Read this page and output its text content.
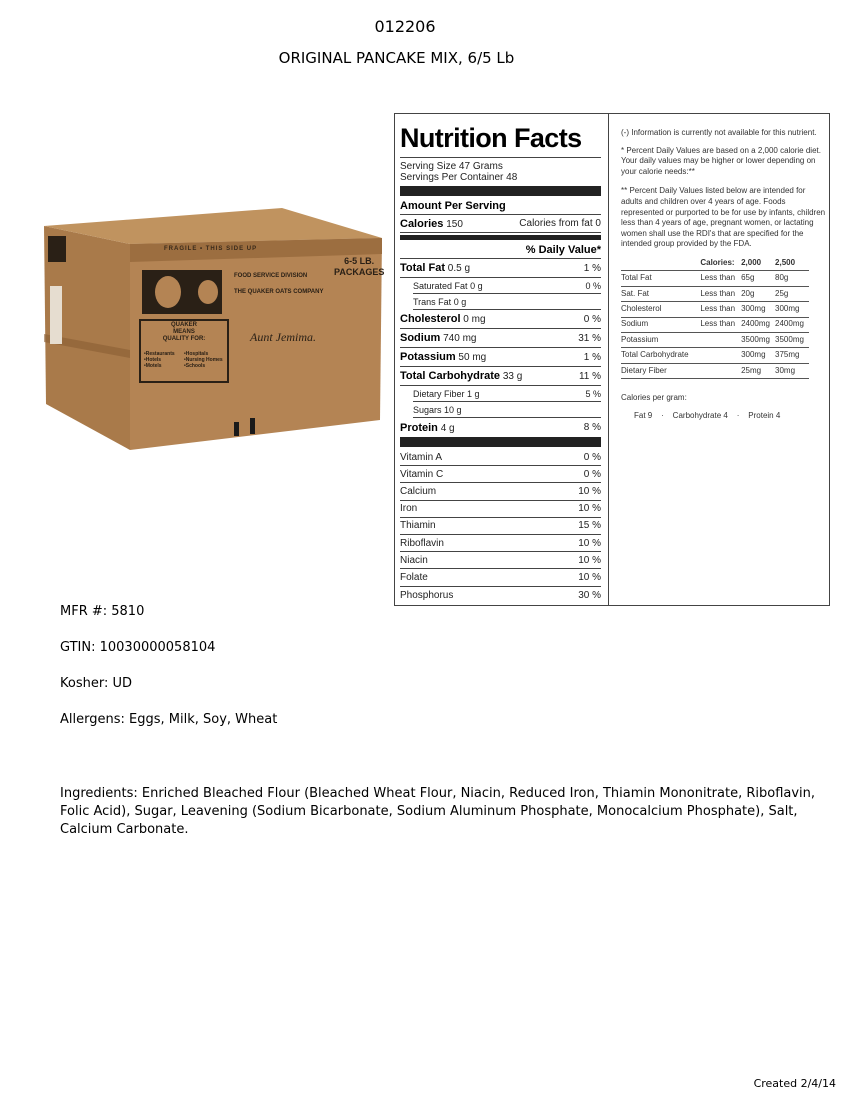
012206
ORIGINAL PANCAKE MIX, 6/5 Lb

FOOD SERVICE DIVISION

THE QUAKER OATS COMPANY

6-5 LB.
PACKAGES
Aunt Jemima.
QUAKER
MEANS
QUALITY FOR:
•Restaurants
•Hotels
•Motels
•Hospitals
•Nursing Homes
•Schools
FRAGILE • THIS SIDE UP
Nutrition Facts
Serving Size 47 Grams
Servings Per Container 48
Amount Per Serving
Calories 150	Calories from fat 0
% Daily Value*
Total Fat 0.5 g	1 %
Saturated Fat 0 g	0 %
Trans Fat 0 g
Cholesterol 0 mg	0 %
Sodium 740 mg	31 %
Potassium 50 mg	1 %
Total Carbohydrate 33 g	11 %
Dietary Fiber 1 g	5 %
Sugars 10 g
Protein 4 g	8 %
Vitamin A	0 %
Vitamin C	0 %
Calcium	10 %
Iron	10 %
Thiamin	15 %
Riboflavin	10 %
Niacin	10 %
Folate	10 %
Phosphorus	30 %
(-) Information is currently not available for this nutrient.
* Percent Daily Values are based on a 2,000 calorie diet. Your daily values may be higher or lower depending on your calorie needs:**
** Percent Daily Values listed below are intended for adults and children over 4 years of age. Foods represented or purported to be for use by infants, children less than 4 years of age, pregnant women, or lactating women shall use the RDI's that are specified for the intended group provided by the FDA.
	Calories:	2,000	2,500
Total Fat	Less than	65g	80g
Sat. Fat	Less than	20g	25g
Cholesterol	Less than	300mg	300mg
Sodium	Less than	2400mg	2400mg
Potassium		3500mg	3500mg
Total Carbohydrate		300mg	375mg
Dietary Fiber		25mg	30mg
Calories per gram:
Fat 9    ·    Carbohydrate 4    ·    Protein 4
MFR #: 5810
GTIN: 10030000058104
Kosher: UD
Allergens: Eggs, Milk, Soy, Wheat
Ingredients: Enriched Bleached Flour (Bleached Wheat Flour, Niacin, Reduced Iron, Thiamin Mononitrate, Riboflavin, Folic Acid), Sugar, Leavening (Sodium Bicarbonate, Sodium Aluminum Phosphate, Monocalcium Phosphate), Salt, Calcium Carbonate.
Created 2/4/14
